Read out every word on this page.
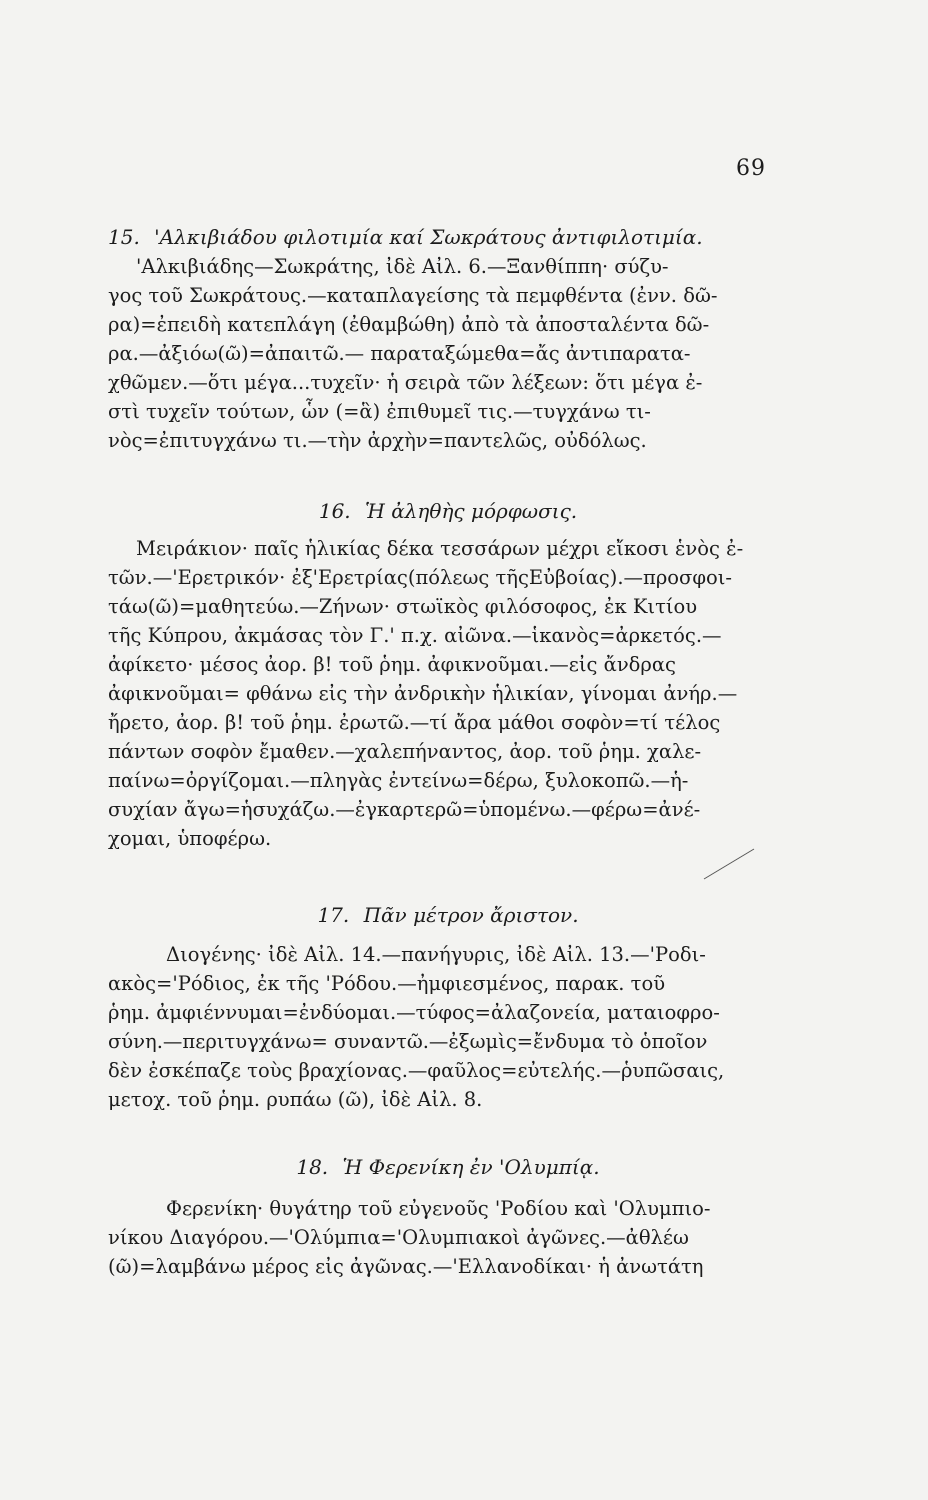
69
15. 'Αλκιβιάδου φιλοτιμία καί Σωκράτους ἀντιφιλοτιμία.
'Αλκιβιάδης—Σωκράτης, ἰδὲ Αἰλ. 6.—Ξανθίππη· σύζυ-
γος τοῦ Σωκράτους.—καταπλαγείσης τὰ πεμφθέντα (ἐνν. δῶ-
ρα)=ἐπειδὴ κατεπλάγη (ἐθαμβώθη) ἀπὸ τὰ ἀποσταλέντα δῶ-
ρα.—ἀξιόω(ῶ)=ἀπαιτῶ.— παραταξώμεθα=ἄς ἀντιπαρατα-
χθῶμεν.—ὅτι μέγα...τυχεῖν· ἡ σειρὰ τῶν λέξεων: ὅτι μέγα ἐ-
στὶ τυχεῖν τούτων, ὧν (=ἃ) ἐπιθυμεῖ τις.—τυγχάνω τι-
νὸς=ἐπιτυγχάνω τι.—τὴν ἀρχὴν=παντελῶς, οὐδόλως.
16. Ἡ ἀληθὴς μόρφωσις.
Μειράκιον· παῖς ἡλικίας δέκα τεσσάρων μέχρι εἴκοσι ἑνὸς ἐ-
τῶν.—'Ερετρικόν· ἐξ'Ερετρίας(πόλεως τῆςΕὐβοίας).—προσφοι-
τάω(ῶ)=μαθητεύω.—Ζήνων· στωϊκὸς φιλόσοφος, ἐκ Κιτίου
τῆς Κύπρου, ἀκμάσας τὸν Γ.' π.χ. αἰῶνα.—ἱκανὸς=ἀρκετός.—
ἀφίκετο· μέσος ἀορ. β! τοῦ ῥημ. ἀφικνοῦμαι.—εἰς ἄνδρας
ἀφικνοῦμαι= φθάνω εἰς τὴν ἀνδρικὴν ἡλικίαν, γίνομαι ἀνήρ.—
ἤρετο, ἀορ. β! τοῦ ῥημ. ἐρωτῶ.—τί ἄρα μάθοι σοφὸν=τί τέλος
πάντων σοφὸν ἔμαθεν.—χαλεπήναντος, ἀορ. τοῦ ῥημ. χαλε-
παίνω=ὀργίζομαι.—πληγὰς ἐντείνω=δέρω, ξυλοκοπῶ.—ἡ-
συχίαν ἄγω=ἡσυχάζω.—ἐγκαρτερῶ=ὑπομένω.—φέρω=ἀνέ-
χομαι, ὑποφέρω.
17. Πᾶν μέτρον ἄριστον.
Διογένης· ἰδὲ Αἰλ. 14.—πανήγυρις, ἰδὲ Αἰλ. 13.—'Ροδι-
ακὸς='Ρόδιος, ἐκ τῆς 'Ρόδου.—ἠμφιεσμένος, παρακ. τοῦ
ῥημ. ἀμφιέννυμαι=ἐνδύομαι.—τύφος=ἀλαζονεία, ματαιοφρο-
σύνη.—περιτυγχάνω= συναντῶ.—ἐξωμὶς=ἔνδυμα τὸ ὁποῖον
δὲν ἐσκέπαζε τοὺς βραχίονας.—φαῦλος=εὐτελής.—ῥυπῶσαις,
μετοχ. τοῦ ῥημ. ρυπάω (ῶ), ἰδὲ Αἰλ. 8.
18. Ἡ Φερενίκη ἐν 'Ολυμπίᾳ.
Φερενίκη· θυγάτηρ τοῦ εὐγενοῦς 'Ροδίου καὶ 'Ολυμπιο-
νίκου Διαγόρου.—'Ολύμπια='Ολυμπιακοὶ ἀγῶνες.—ἀθλέω
(ῶ)=λαμβάνω μέρος εἰς ἀγῶνας.—'Ελλανοδίκαι· ἡ ἀνωτάτη
